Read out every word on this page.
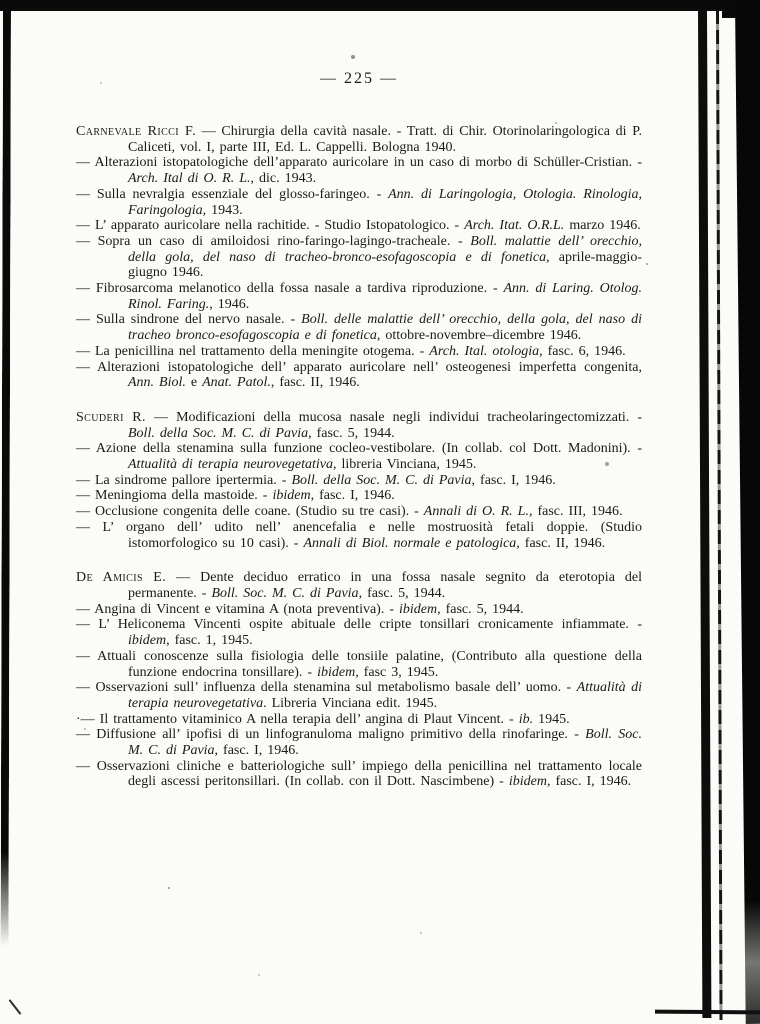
— 225 —

Carnevale Ricci F. — Chirurgia della cavità nasale. - Tratt. di Chir. Otorinolaringologica di P. Caliceti, vol. I, parte III, Ed. L. Cappelli. Bologna 1940.

— Alterazioni istopatologiche dell’apparato auricolare in un caso di morbo di Schüller-Cristian. - Arch. Ital di O. R. L., dic. 1943.

— Sulla nevralgia essenziale del glosso-faringeo. - Ann. di Laringologia, Otologia. Rinologia, Faringologia, 1943.

— L’ apparato auricolare nella rachitide. - Studio Istopatologico. - Arch. Itat. O.R.L. marzo 1946.

— Sopra un caso di amiloidosi rino-faringo-lagingo-tracheale. - Boll. malattie dell’ orecchio, della gola, del naso di tracheo-bronco-esofagoscopia e di fonetica, aprile-maggio-giugno 1946.

— Fibrosarcoma melanotico della fossa nasale a tardiva riproduzione. - Ann. di Laring. Otolog. Rinol. Faring., 1946.

— Sulla sindrone del nervo nasale. - Boll. delle malattie dell’ orecchio, della gola, del naso di tracheo bronco-esofagoscopia e di fonetica, ottobre-novembre–dicembre 1946.

— La penicillina nel trattamento della meningite otogema. - Arch. Ital. otologia, fasc. 6, 1946.

— Alterazioni istopatologiche dell’ apparato auricolare nell’ osteogenesi imperfetta congenita, Ann. Biol. e Anat. Patol., fasc. II, 1946.

Scuderi R. — Modificazioni della mucosa nasale negli individui tracheolaringectomizzati. - Boll. della Soc. M. C. di Pavia, fasc. 5, 1944.

— Azione della stenamina sulla funzione cocleo-vestibolare. (In collab. col Dott. Madonini). - Attualità di terapia neurovegetativa, libreria Vinciana, 1945.

— La sindrome pallore ipertermia. - Boll. della Soc. M. C. di Pavia, fasc. I, 1946.

— Meningioma della mastoide. - ibidem, fasc. I, 1946.

— Occlusione congenita delle coane. (Studio su tre casi). - Annali di O. R. L., fasc. III, 1946.

— L’ organo dell’ udito nell’ anencefalia e nelle mostruosità fetali doppie. (Studio istomorfologico su 10 casi). - Annali di Biol. normale e patologica, fasc. II, 1946.

De Amicis E. — Dente deciduo erratico in una fossa nasale segnito da eterotopia del permanente. - Boll. Soc. M. C. di Pavia, fasc. 5, 1944.

— Angina di Vincent e vitamina A (nota preventiva). - ibidem, fasc. 5, 1944.

— L’ Heliconema Vincenti ospite abituale delle cripte tonsillari cronicamente infiammate. - ibidem, fasc. 1, 1945.

— Attuali conoscenze sulla fisiologia delle tonsiile palatine, (Contributo alla questione della funzione endocrina tonsillare). - ibidem, fasc 3, 1945.

— Osservazioni sull’ influenza della stenamina sul metabolismo basale dell’ uomo. - Attualità di terapia neurovegetativa. Libreria Vinciana edit. 1945.

·— Il trattamento vitaminico A nella terapia dell’ angina di Plaut Vincent. - ib. 1945.

— Diffusione all’ ipofisi di un linfogranuloma maligno primitivo della rinofaringe. - Boll. Soc. M. C. di Pavia, fasc. I, 1946.

— Osservazioni cliniche e batteriologiche sull’ impiego della penicillina nel trattamento locale degli ascessi peritonsillari. (In collab. con il Dott. Nascimbene) - ibidem, fasc. I, 1946.
